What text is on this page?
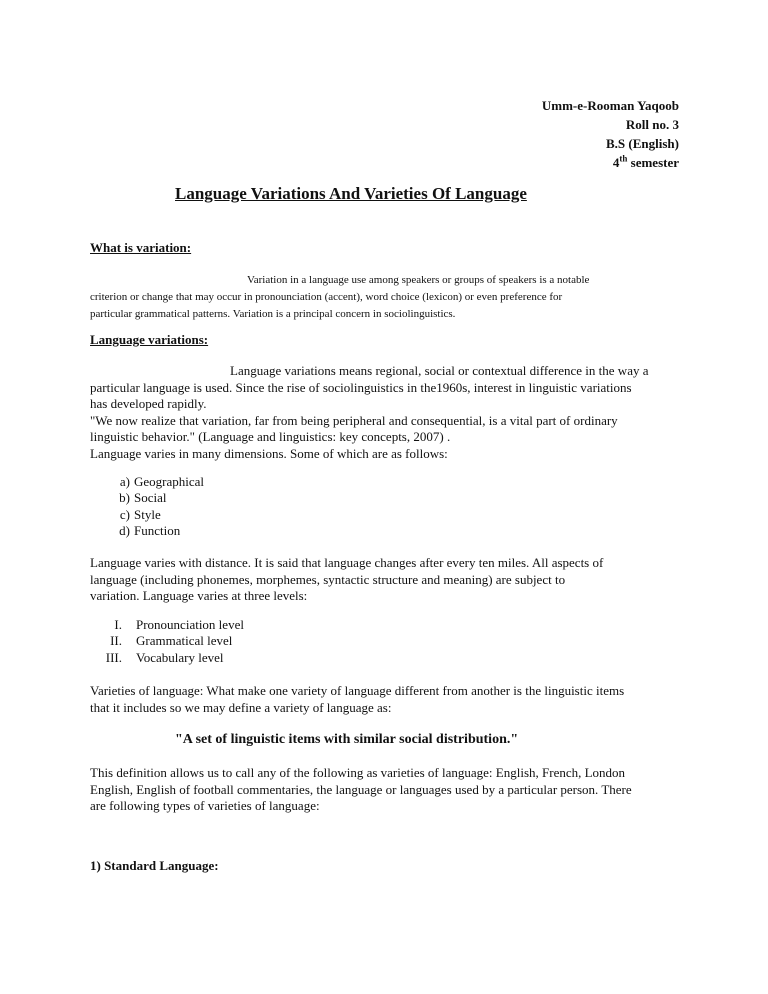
Umm-e-Rooman Yaqoob
Roll no. 3
B.S (English)
4th semester
Language Variations And Varieties Of Language
What is variation:
Variation in a language use among speakers or groups of speakers is a notable
criterion or change that may occur in pronounciation (accent), word choice (lexicon) or even preference for
particular grammatical patterns. Variation is a principal concern in sociolinguistics.
Language variations:
Language variations means regional, social or contextual difference in the way a
particular language is used. Since the rise of sociolinguistics in the1960s, interest in linguistic variations
has developed rapidly.
"We now realize that variation, far from being peripheral and consequential, is a vital part of ordinary
linguistic behavior." (Language and linguistics: key concepts, 2007) .
Language varies in many dimensions. Some of which are as follows:
a) Geographical
b) Social
c) Style
d) Function
Language varies with distance. It is said that language changes after every ten miles. All aspects of
language (including phonemes, morphemes, syntactic structure and meaning) are subject to
variation. Language varies at three levels:
I.	Pronounciation level
II.	Grammatical level
III.	Vocabulary level
Varieties of language: What make one variety of language different from another is the linguistic items
that it includes so we may define a variety of language as:
"A set of linguistic items with similar social distribution."
This definition allows us to call any of the following as varieties of language: English, French, London
English, English of football commentaries, the language or languages used by a particular person. There
are following types of varieties of language:
1) Standard Language:
